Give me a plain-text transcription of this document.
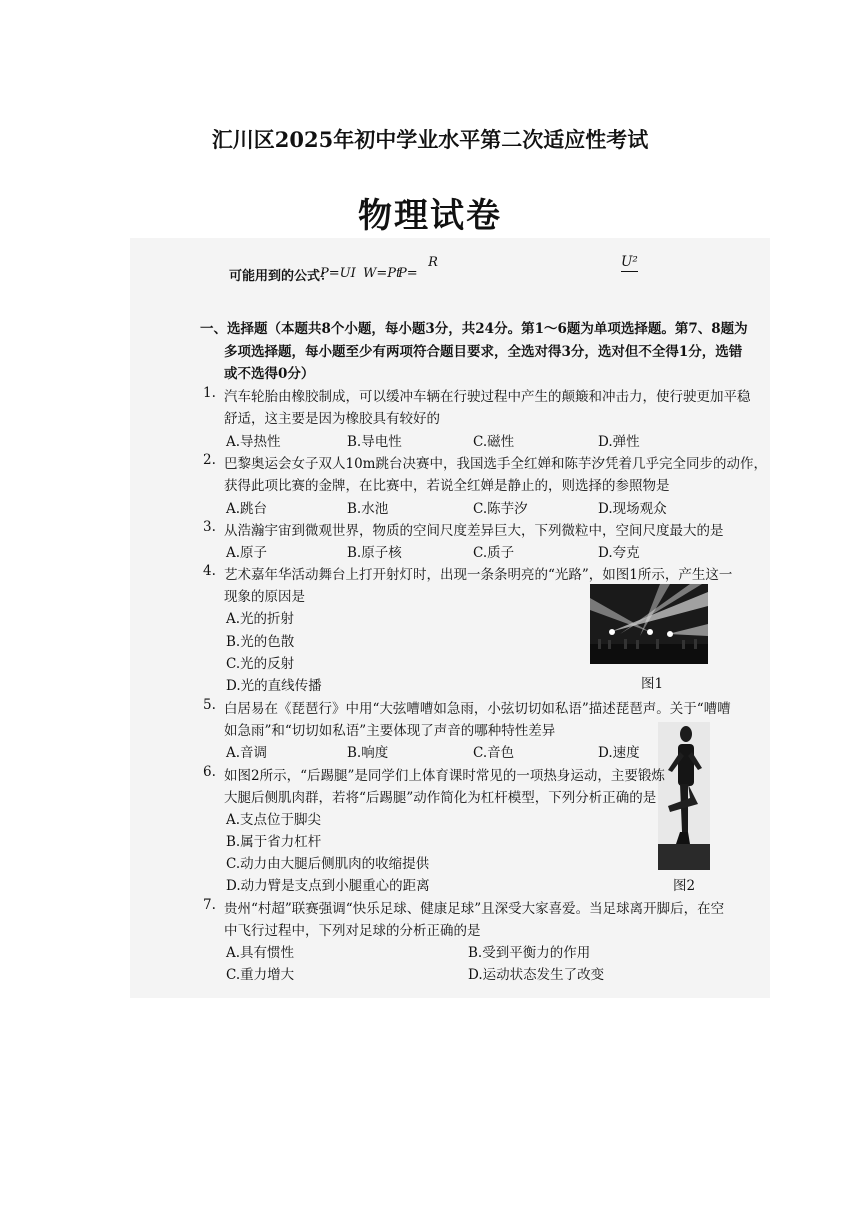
汇川区2025年初中学业水平第二次适应性考试
物理试卷
可能用到的公式：
P=UI W=Pt
P=
U²
R
一、选择题（本题共8个小题，每小题3分，共24分。第1～6题为单项选择题。第7、8题为
多项选择题，每小题至少有两项符合题目要求，全选对得3分，选对但不全得1分，选错
或不选得0分）
1. 汽车轮胎由橡胶制成，可以缓冲车辆在行驶过程中产生的颠簸和冲击力，使行驶更加平稳
舒适，这主要是因为橡胶具有较好的
A.导热性	B.导电性	C.磁性	D.弹性
2. 巴黎奥运会女子双人10m跳台决赛中，我国选手全红婵和陈芋汐凭着几乎完全同步的动作，
获得此项比赛的金牌，在比赛中，若说全红婵是静止的，则选择的参照物是
A.跳台	B.水池	C.陈芋汐	D.现场观众
3. 从浩瀚宇宙到微观世界，物质的空间尺度差异巨大，下列微粒中，空间尺度最大的是
A.原子	B.原子核	C.质子	D.夸克
4. 艺术嘉年华活动舞台上打开射灯时，出现一条条明亮的“光路”，如图1所示，产生这一
现象的原因是
A.光的折射
B.光的色散
C.光的反射
D.光的直线传播	图1
5. 白居易在《琵琶行》中用“大弦嘈嘈如急雨，小弦切切如私语”描述琵琶声。关于“嘈嘈
如急雨”和“切切如私语”主要体现了声音的哪种特性差异
A.音调	B.响度	C.音色	D.速度
6. 如图2所示，“后踢腿”是同学们上体育课时常见的一项热身运动，主要锻炼
大腿后侧肌肉群，若将“后踢腿”动作简化为杠杆模型，下列分析正确的是
A.支点位于脚尖
B.属于省力杠杆
C.动力由大腿后侧肌肉的收缩提供
D.动力臂是支点到小腿重心的距离	图2
7. 贵州“村超”联赛强调“快乐足球、健康足球”且深受大家喜爱。当足球离开脚后，在空
中飞行过程中，下列对足球的分析正确的是
A.具有惯性	B.受到平衡力的作用
C.重力增大	D.运动状态发生了改变
